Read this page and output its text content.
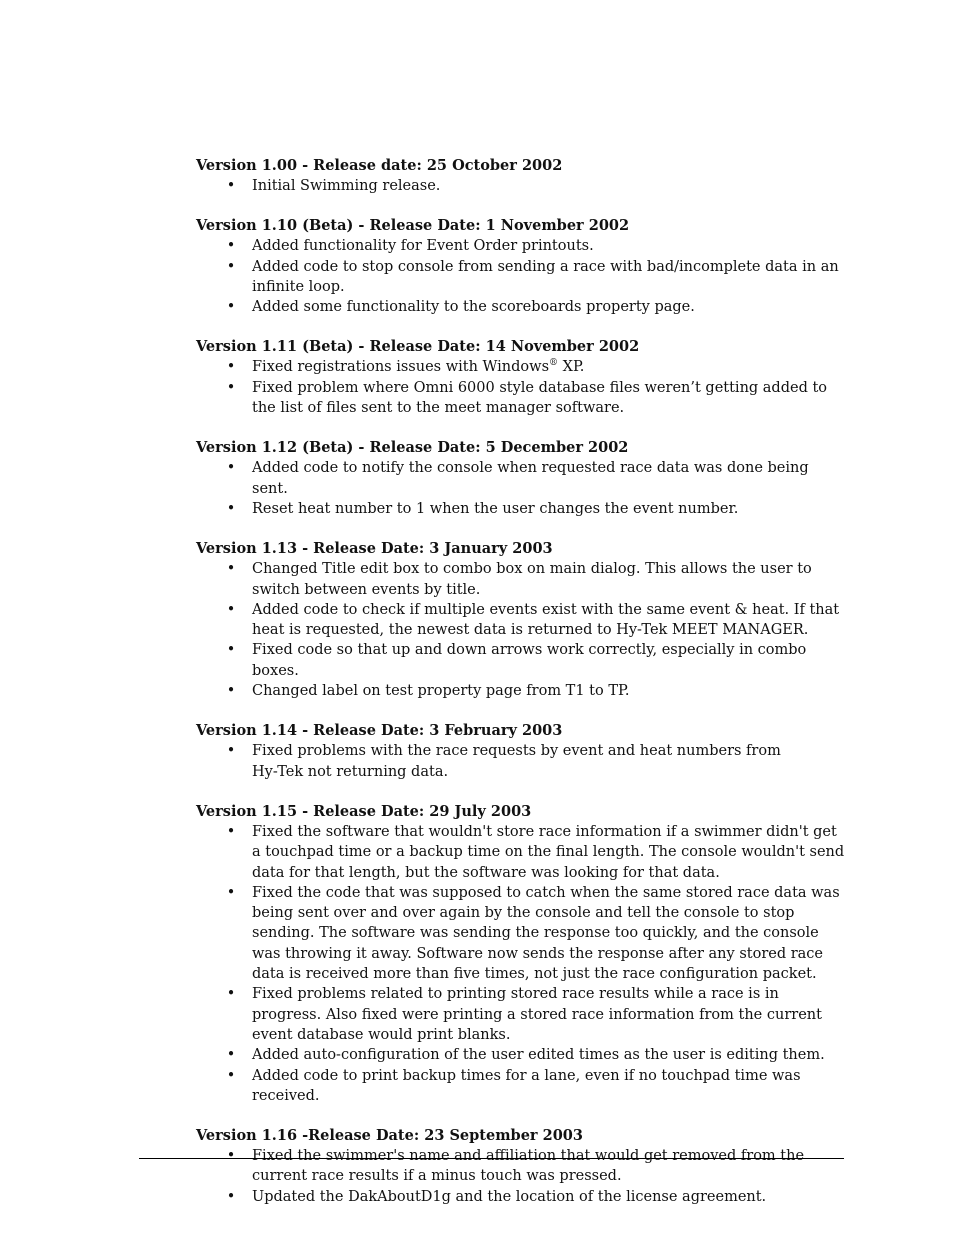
Version 1.00 - Release date: 25 October 2002
• Initial Swimming release.
Version 1.10 (Beta) - Release Date: 1 November 2002
• Added functionality for Event Order printouts.
• Added code to stop console from sending a race with bad/incomplete data in an infinite loop.
• Added some functionality to the scoreboards property page.
Version 1.11 (Beta) - Release Date: 14 November 2002
• Fixed registrations issues with Windows® XP.
• Fixed problem where Omni 6000 style database files weren’t getting added to the list of files sent to the meet manager software.
Version 1.12 (Beta) - Release Date: 5 December 2002
• Added code to notify the console when requested race data was done being sent.
• Reset heat number to 1 when the user changes the event number.
Version 1.13 - Release Date: 3 January 2003
• Changed Title edit box to combo box on main dialog. This allows the user to switch between events by title.
• Added code to check if multiple events exist with the same event & heat. If that heat is requested, the newest data is returned to Hy-Tek MEET MANAGER.
• Fixed code so that up and down arrows work correctly, especially in combo boxes.
• Changed label on test property page from T1 to TP.
Version 1.14 - Release Date: 3 February 2003
• Fixed problems with the race requests by event and heat numbers from
Hy-Tek not returning data.
Version 1.15 - Release Date: 29 July 2003
• Fixed the software that wouldn't store race information if a swimmer didn't get a touchpad time or a backup time on the final length. The console wouldn't send data for that length, but the software was looking for that data.
• Fixed the code that was supposed to catch when the same stored race data was being sent over and over again by the console and tell the console to stop sending. The software was sending the response too quickly, and the console was throwing it away. Software now sends the response after any stored race data is received more than five times, not just the race configuration packet.
• Fixed problems related to printing stored race results while a race is in progress. Also fixed were printing a stored race information from the current event database would print blanks.
• Added auto-configuration of the user edited times as the user is editing them.
• Added code to print backup times for a lane, even if no touchpad time was received.
Version 1.16 -Release Date: 23 September 2003
• Fixed the swimmer's name and affiliation that would get removed from the current race results if a minus touch was pressed.
• Updated the DakAboutD1g and the location of the license agreement.
